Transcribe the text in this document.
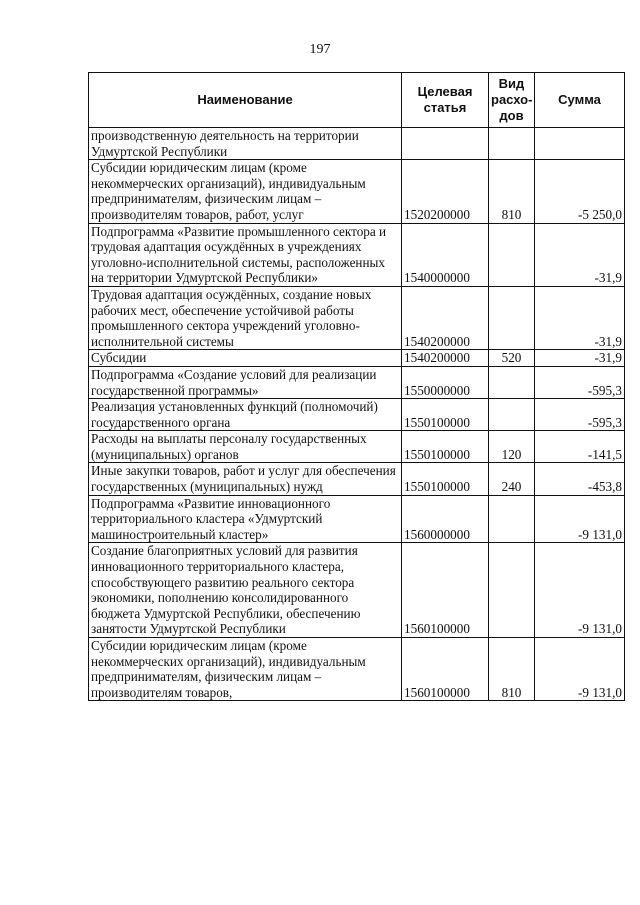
197
Наименование	Целевая статья	Вид расхо-дов	Сумма
производственную деятельность на территории Удмуртской Республики			
Субсидии юридическим лицам (кроме некоммерческих организаций), индивидуальным предпринимателям, физическим лицам – производителям товаров, работ, услуг	1520200000	810	-5 250,0
Подпрограмма «Развитие промышленного сектора и трудовая адаптация осуждённых в учреждениях уголовно-исполнительной системы, расположенных на территории Удмуртской Республики»	1540000000		-31,9
Трудовая адаптация осуждённых, создание новых рабочих мест, обеспечение устойчивой работы промышленного сектора учреждений уголовно-исполнительной системы	1540200000		-31,9
Субсидии	1540200000	520	-31,9
Подпрограмма «Создание условий для реализации государственной программы»	1550000000		-595,3
Реализация установленных функций (полномочий) государственного органа	1550100000		-595,3
Расходы на выплаты персоналу государственных (муниципальных) органов	1550100000	120	-141,5
Иные закупки товаров, работ и услуг для обеспечения государственных (муниципальных) нужд	1550100000	240	-453,8
Подпрограмма «Развитие инновационного территориального кластера «Удмуртский машиностроительный кластер»	1560000000		-9 131,0
Создание благоприятных условий для развития инновационного территориального кластера, способствующего развитию реального сектора экономики, пополнению консолидированного бюджета Удмуртской Республики, обеспечению занятости Удмуртской Республики	1560100000		-9 131,0
Субсидии юридическим лицам (кроме некоммерческих организаций), индивидуальным предпринимателям, физическим лицам – производителям товаров,	1560100000	810	-9 131,0
